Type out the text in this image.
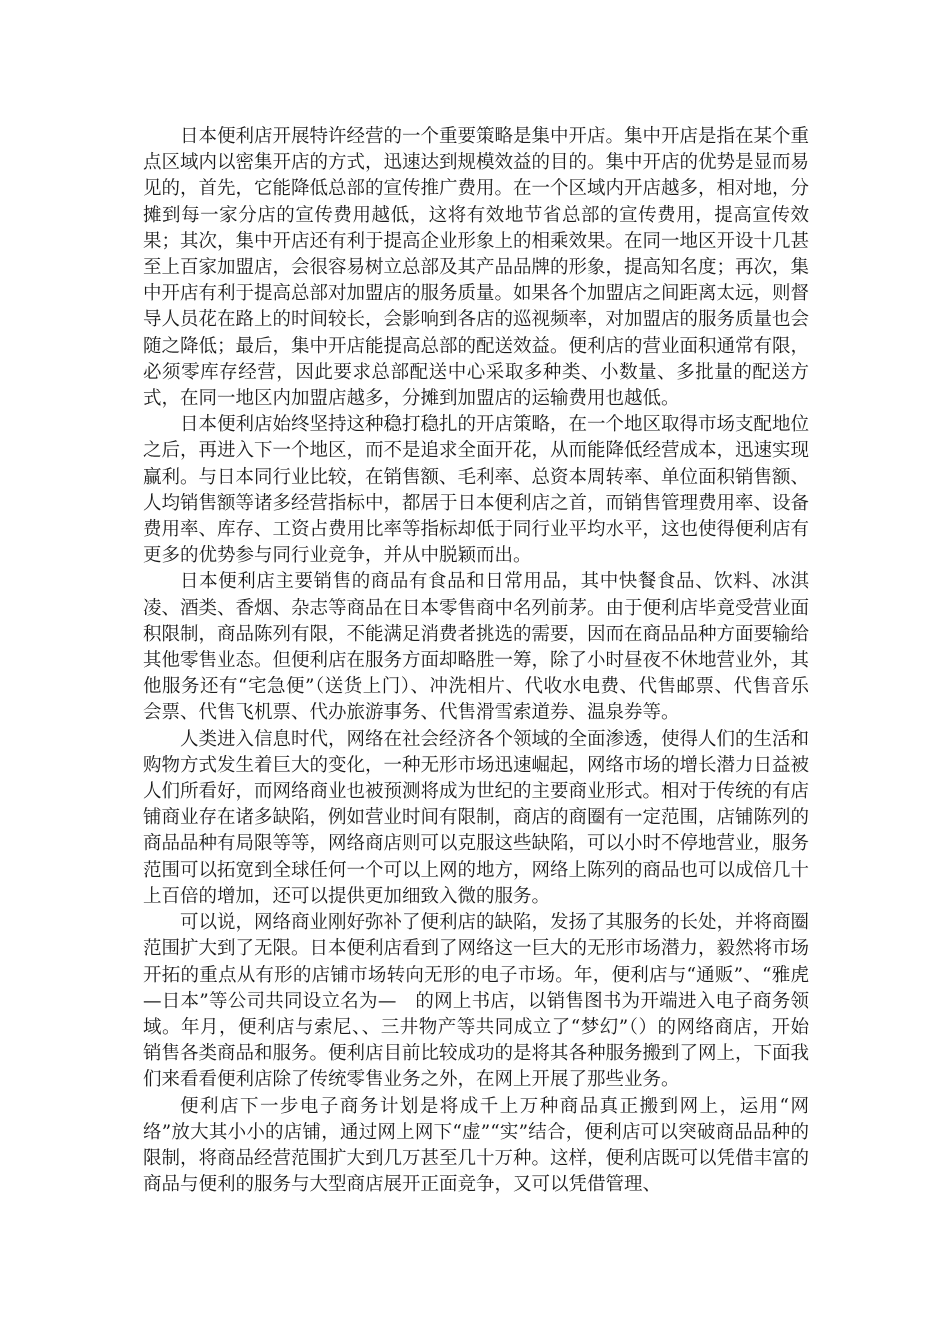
日本便利店开展特许经营的一个重要策略是集中开店。集中开店是指在某个重点区域内以密集开店的方式，迅速达到规模效益的目的。集中开店的优势是显而易见的，首先，它能降低总部的宣传推广费用。在一个区域内开店越多，相对地，分摊到每一家分店的宣传费用越低，这将有效地节省总部的宣传费用，提高宣传效果；其次，集中开店还有利于提高企业形象上的相乘效果。在同一地区开设十几甚至上百家加盟店，会很容易树立总部及其产品品牌的形象，提高知名度；再次，集中开店有利于提高总部对加盟店的服务质量。如果各个加盟店之间距离太远，则督导人员花在路上的时间较长，会影响到各店的巡视频率，对加盟店的服务质量也会随之降低；最后，集中开店能提高总部的配送效益。便利店的营业面积通常有限，必须零库存经营，因此要求总部配送中心采取多种类、小数量、多批量的配送方式，在同一地区内加盟店越多，分摊到加盟店的运输费用也越低。

日本便利店始终坚持这种稳打稳扎的开店策略，在一个地区取得市场支配地位之后，再进入下一个地区，而不是追求全面开花，从而能降低经营成本，迅速实现赢利。与日本同行业比较，在销售额、毛利率、总资本周转率、单位面积销售额、人均销售额等诸多经营指标中，都居于日本便利店之首，而销售管理费用率、设备费用率、库存、工资占费用比率等指标却低于同行业平均水平，这也使得便利店有更多的优势参与同行业竞争，并从中脱颖而出。

日本便利店主要销售的商品有食品和日常用品，其中快餐食品、饮料、冰淇凌、酒类、香烟、杂志等商品在日本零售商中名列前茅。由于便利店毕竟受营业面积限制，商品陈列有限，不能满足消费者挑选的需要，因而在商品品种方面要输给其他零售业态。但便利店在服务方面却略胜一筹，除了小时昼夜不休地营业外，其他服务还有“宅急便”（送货上门）、冲洗相片、代收水电费、代售邮票、代售音乐会票、代售飞机票、代办旅游事务、代售滑雪索道券、温泉券等。

人类进入信息时代，网络在社会经济各个领域的全面渗透，使得人们的生活和购物方式发生着巨大的变化，一种无形市场迅速崛起，网络市场的增长潜力日益被人们所看好，而网络商业也被预测将成为世纪的主要商业形式。相对于传统的有店铺商业存在诸多缺陷，例如营业时间有限制，商店的商圈有一定范围，店铺陈列的商品品种有局限等等，网络商店则可以克服这些缺陷，可以小时不停地营业，服务范围可以拓宽到全球任何一个可以上网的地方，网络上陈列的商品也可以成倍几十上百倍的增加，还可以提供更加细致入微的服务。

可以说，网络商业刚好弥补了便利店的缺陷，发扬了其服务的长处，并将商圈范围扩大到了无限。日本便利店看到了网络这一巨大的无形市场潜力，毅然将市场开拓的重点从有形的店铺市场转向无形的电子市场。年，便利店与“通贩”、“雅虎—日本”等公司共同设立名为—　的网上书店，以销售图书为开端进入电子商务领域。年月，便利店与索尼、、三井物产等共同成立了“梦幻”（）的网络商店，开始销售各类商品和服务。便利店目前比较成功的是将其各种服务搬到了网上，下面我们来看看便利店除了传统零售业务之外，在网上开展了那些业务。

便利店下一步电子商务计划是将成千上万种商品真正搬到网上，运用“网络”放大其小小的店铺，通过网上网下“虚”“实”结合，便利店可以突破商品品种的限制，将商品经营范围扩大到几万甚至几十万种。这样，便利店既可以凭借丰富的商品与便利的服务与大型商店展开正面竞争，又可以凭借管理、
